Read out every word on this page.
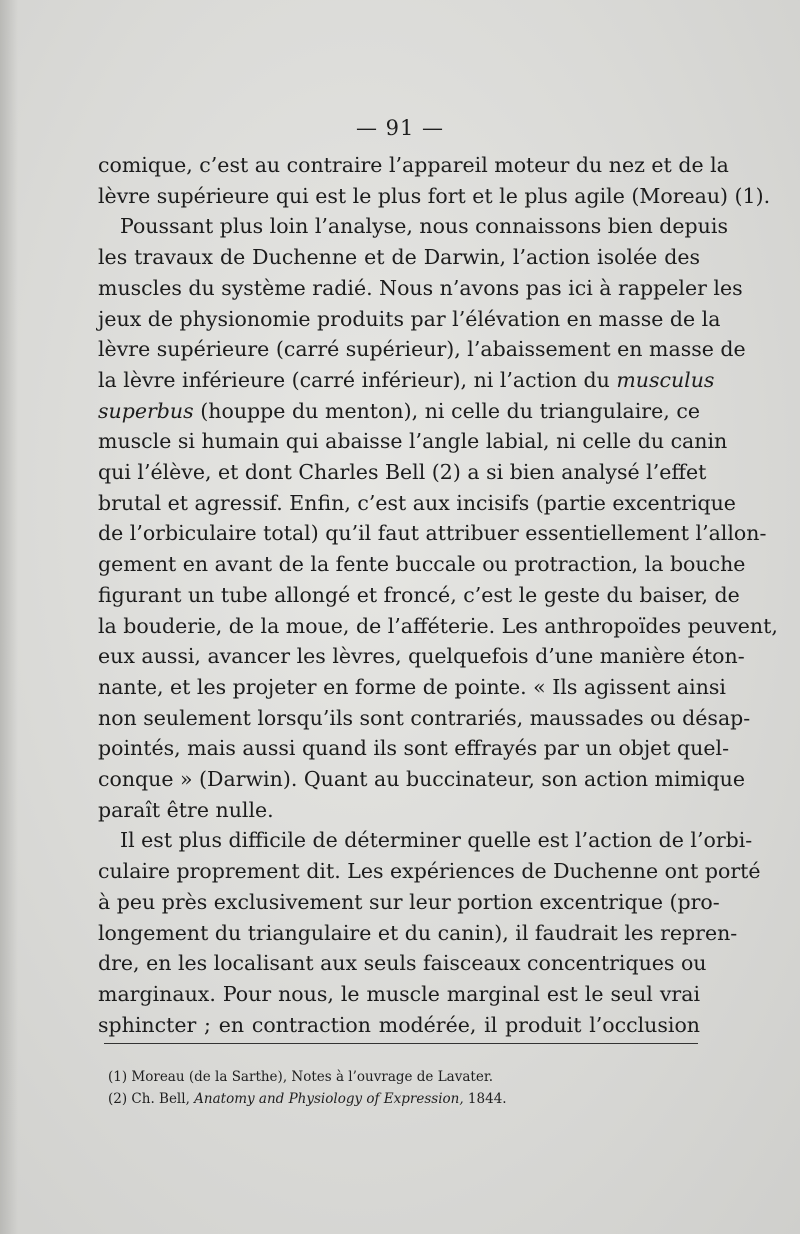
— 91 —

comique, c’est au contraire l’appareil moteur du nez et de la
lèvre supérieure qui est le plus fort et le plus agile (Moreau) (1).

Poussant plus loin l’analyse, nous connaissons bien depuis
les travaux de Duchenne et de Darwin, l’action isolée des
muscles du système radié. Nous n’avons pas ici à rappeler les
jeux de physionomie produits par l’élévation en masse de la
lèvre supérieure (carré supérieur), l’abaissement en masse de
la lèvre inférieure (carré inférieur), ni l’action du musculus
superbus (houppe du menton), ni celle du triangulaire, ce
muscle si humain qui abaisse l’angle labial, ni celle du canin
qui l’élève, et dont Charles Bell (2) a si bien analysé l’effet
brutal et agressif. Enfin, c’est aux incisifs (partie excentrique
de l’orbiculaire total) qu’il faut attribuer essentiellement l’allon-
gement en avant de la fente buccale ou protraction, la bouche
figurant un tube allongé et froncé, c’est le geste du baiser, de
la bouderie, de la moue, de l’afféterie. Les anthropoïdes peuvent,
eux aussi, avancer les lèvres, quelquefois d’une manière éton-
nante, et les projeter en forme de pointe. « Ils agissent ainsi
non seulement lorsqu’ils sont contrariés, maussades ou désap-
pointés, mais aussi quand ils sont effrayés par un objet quel-
conque » (Darwin). Quant au buccinateur, son action mimique
paraît être nulle.

Il est plus difficile de déterminer quelle est l’action de l’orbi-
culaire proprement dit. Les expériences de Duchenne ont porté
à peu près exclusivement sur leur portion excentrique (pro-
longement du triangulaire et du canin), il faudrait les repren-
dre, en les localisant aux seuls faisceaux concentriques ou
marginaux. Pour nous, le muscle marginal est le seul vrai
sphincter ; en contraction modérée, il produit l’occlusion

(1) Moreau (de la Sarthe), Notes à l’ouvrage de Lavater.
(2) Ch. Bell, Anatomy and Physiology of Expression, 1844.
